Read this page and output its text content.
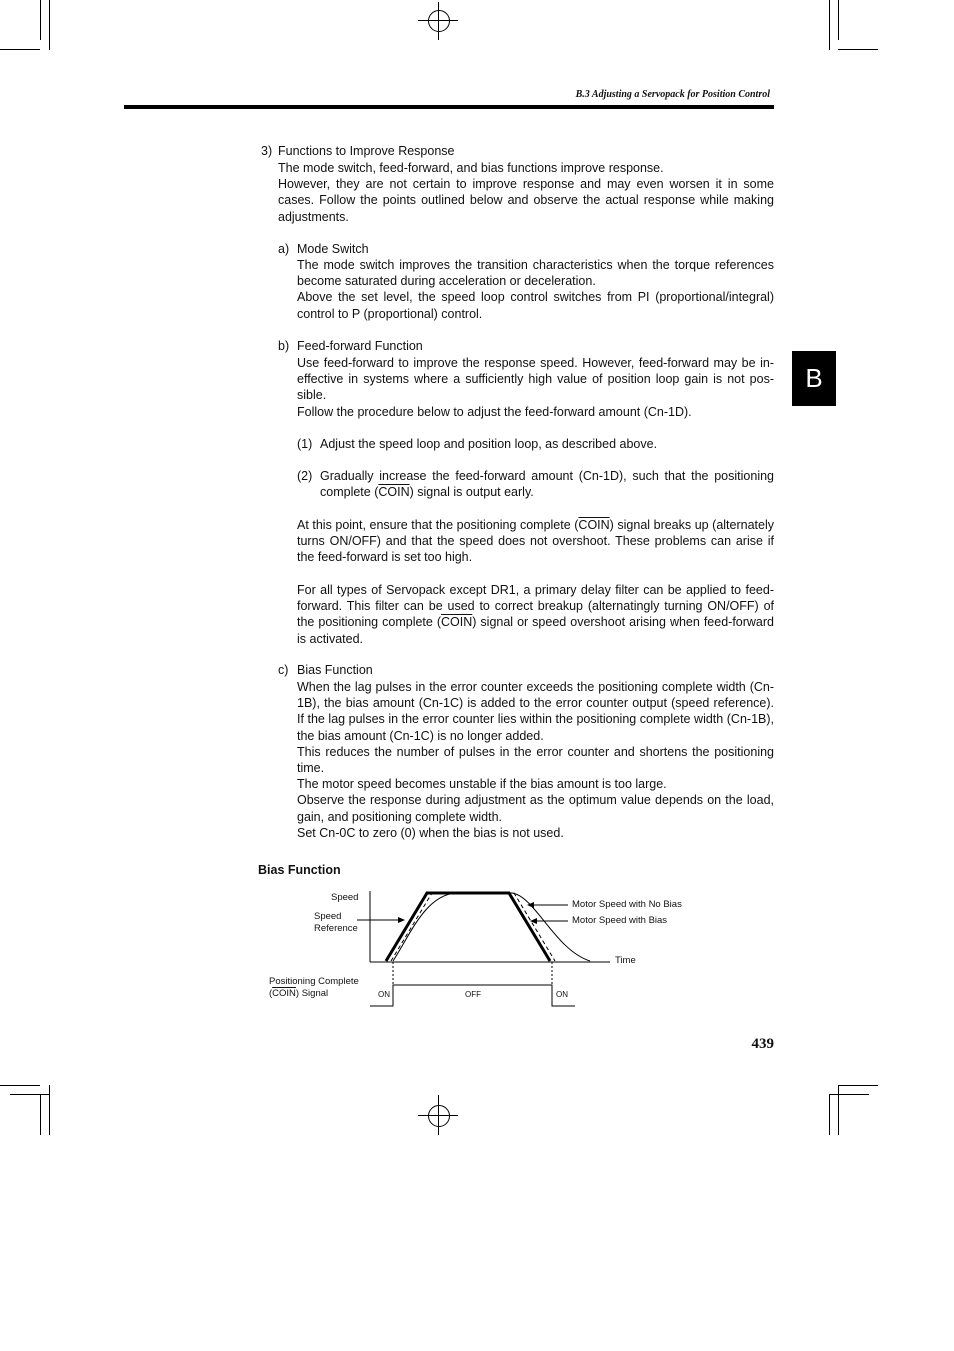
B.3 Adjusting a Servopack for Position Control
B
3) Functions to Improve Response

The mode switch, feed-forward, and bias functions improve response.

However, they are not certain to improve response and may even worsen it in some cases. Follow the points outlined below and observe the actual response while making adjustments.

a) Mode Switch

The mode switch improves the transition characteristics when the torque references become saturated during acceleration or deceleration.

Above the set level, the speed loop control switches from PI (proportional/integral) control to P (proportional) control.

b) Feed-forward Function

Use feed-forward to improve the response speed. However, feed-forward may be ineffective in systems where a sufficiently high value of position loop gain is not possible.

Follow the procedure below to adjust the feed-forward amount (Cn-1D).

(1) Adjust the speed loop and position loop, as described above.
(2) Gradually increase the feed-forward amount (Cn-1D), such that the positioning complete (COIN) signal is output early.
At this point, ensure that the positioning complete (COIN) signal breaks up (alternately turns ON/OFF) and that the speed does not overshoot. These problems can arise if the feed-forward is set too high.
For all types of Servopack except DR1, a primary delay filter can be applied to feedforward. This filter can be used to correct breakup (alternatingly turning ON/OFF) of the positioning complete (COIN) signal or speed overshoot arising when feed-forward is activated.
c) Bias Function

When the lag pulses in the error counter exceeds the positioning complete width (Cn-1B), the bias amount (Cn-1C) is added to the error counter output (speed reference). If the lag pulses in the error counter lies within the positioning complete width (Cn-1B), the bias amount (Cn-1C) is no longer added.

This reduces the number of pulses in the error counter and shortens the positioning time.

The motor speed becomes unstable if the bias amount is too large.

Observe the response during adjustment as the optimum value depends on the load, gain, and positioning complete width.

Set Cn-0C to zero (0) when the bias is not used.

Bias Function
Speed
Speed
Reference
Motor Speed with No Bias
Motor Speed with Bias
Time
Positioning Complete
(COIN) Signal	ON	OFF	ON
439
